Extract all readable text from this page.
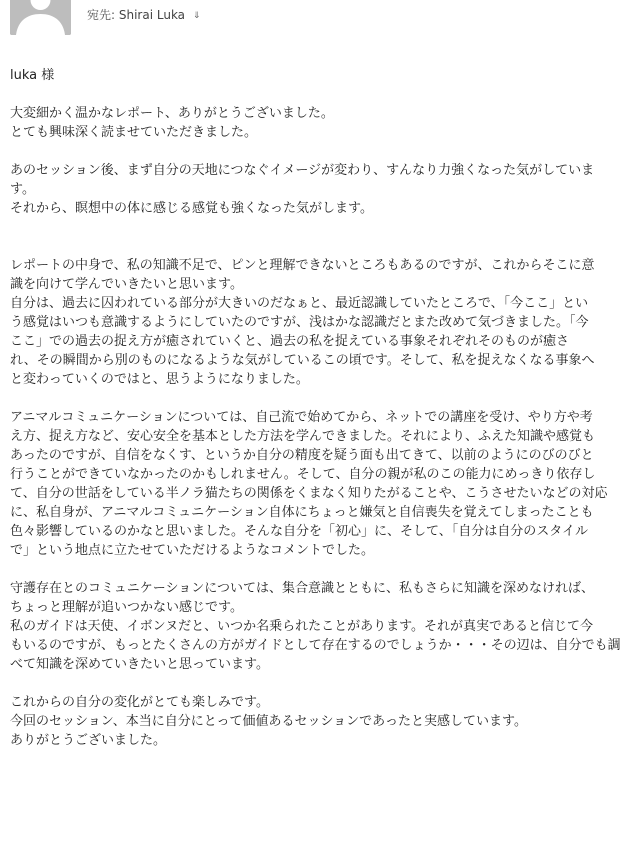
宛先: Shirai Luka ⇓

luka 様

大変細かく温かなレポート、ありがとうございました。

とても興味深く読ませていただきました。

あのセッション後、まず自分の天地につなぐイメージが変わり、すんなり力強くなった気がしていま

す。

それから、瞑想中の体に感じる感覚も強くなった気がします。

レポートの中身で、私の知識不足で、ピンと理解できないところもあるのですが、これからそこに意

識を向けて学んでいきたいと思います。

自分は、過去に囚われている部分が大きいのだなぁと、最近認識していたところで、「今ここ」とい

う感覚はいつも意識するようにしていたのですが、浅はかな認識だとまた改めて気づきました。「今

ここ」での過去の捉え方が癒されていくと、過去の私を捉えている事象それぞれそのものが癒さ

れ、その瞬間から別のものになるような気がしているこの頃です。そして、私を捉えなくなる事象へ

と変わっていくのではと、思うようになりました。

アニマルコミュニケーションについては、自己流で始めてから、ネットでの講座を受け、やり方や考

え方、捉え方など、安心安全を基本とした方法を学んできました。それにより、ふえた知識や感覚も

あったのですが、自信をなくす、というか自分の精度を疑う面も出てきて、以前のようにのびのびと

行うことができていなかったのかもしれません。そして、自分の親が私のこの能力にめっきり依存し

て、自分の世話をしている半ノラ猫たちの関係をくまなく知りたがることや、こうさせたいなどの対応

に、私自身が、アニマルコミュニケーション自体にちょっと嫌気と自信喪失を覚えてしまったことも

色々影響しているのかなと思いました。そんな自分を「初心」に、そして、「自分は自分のスタイル

で」という地点に立たせていただけるようなコメントでした。

守護存在とのコミュニケーションについては、集合意識とともに、私もさらに知識を深めなければ、

ちょっと理解が追いつかない感じです。

私のガイドは天使、イボンヌだと、いつか名乗られたことがあります。それが真実であると信じて今

もいるのですが、もっとたくさんの方がガイドとして存在するのでしょうか・・・その辺は、自分でも調

べて知識を深めていきたいと思っています。

これからの自分の変化がとても楽しみです。

今回のセッション、本当に自分にとって価値あるセッションであったと実感しています。

ありがとうございました。
